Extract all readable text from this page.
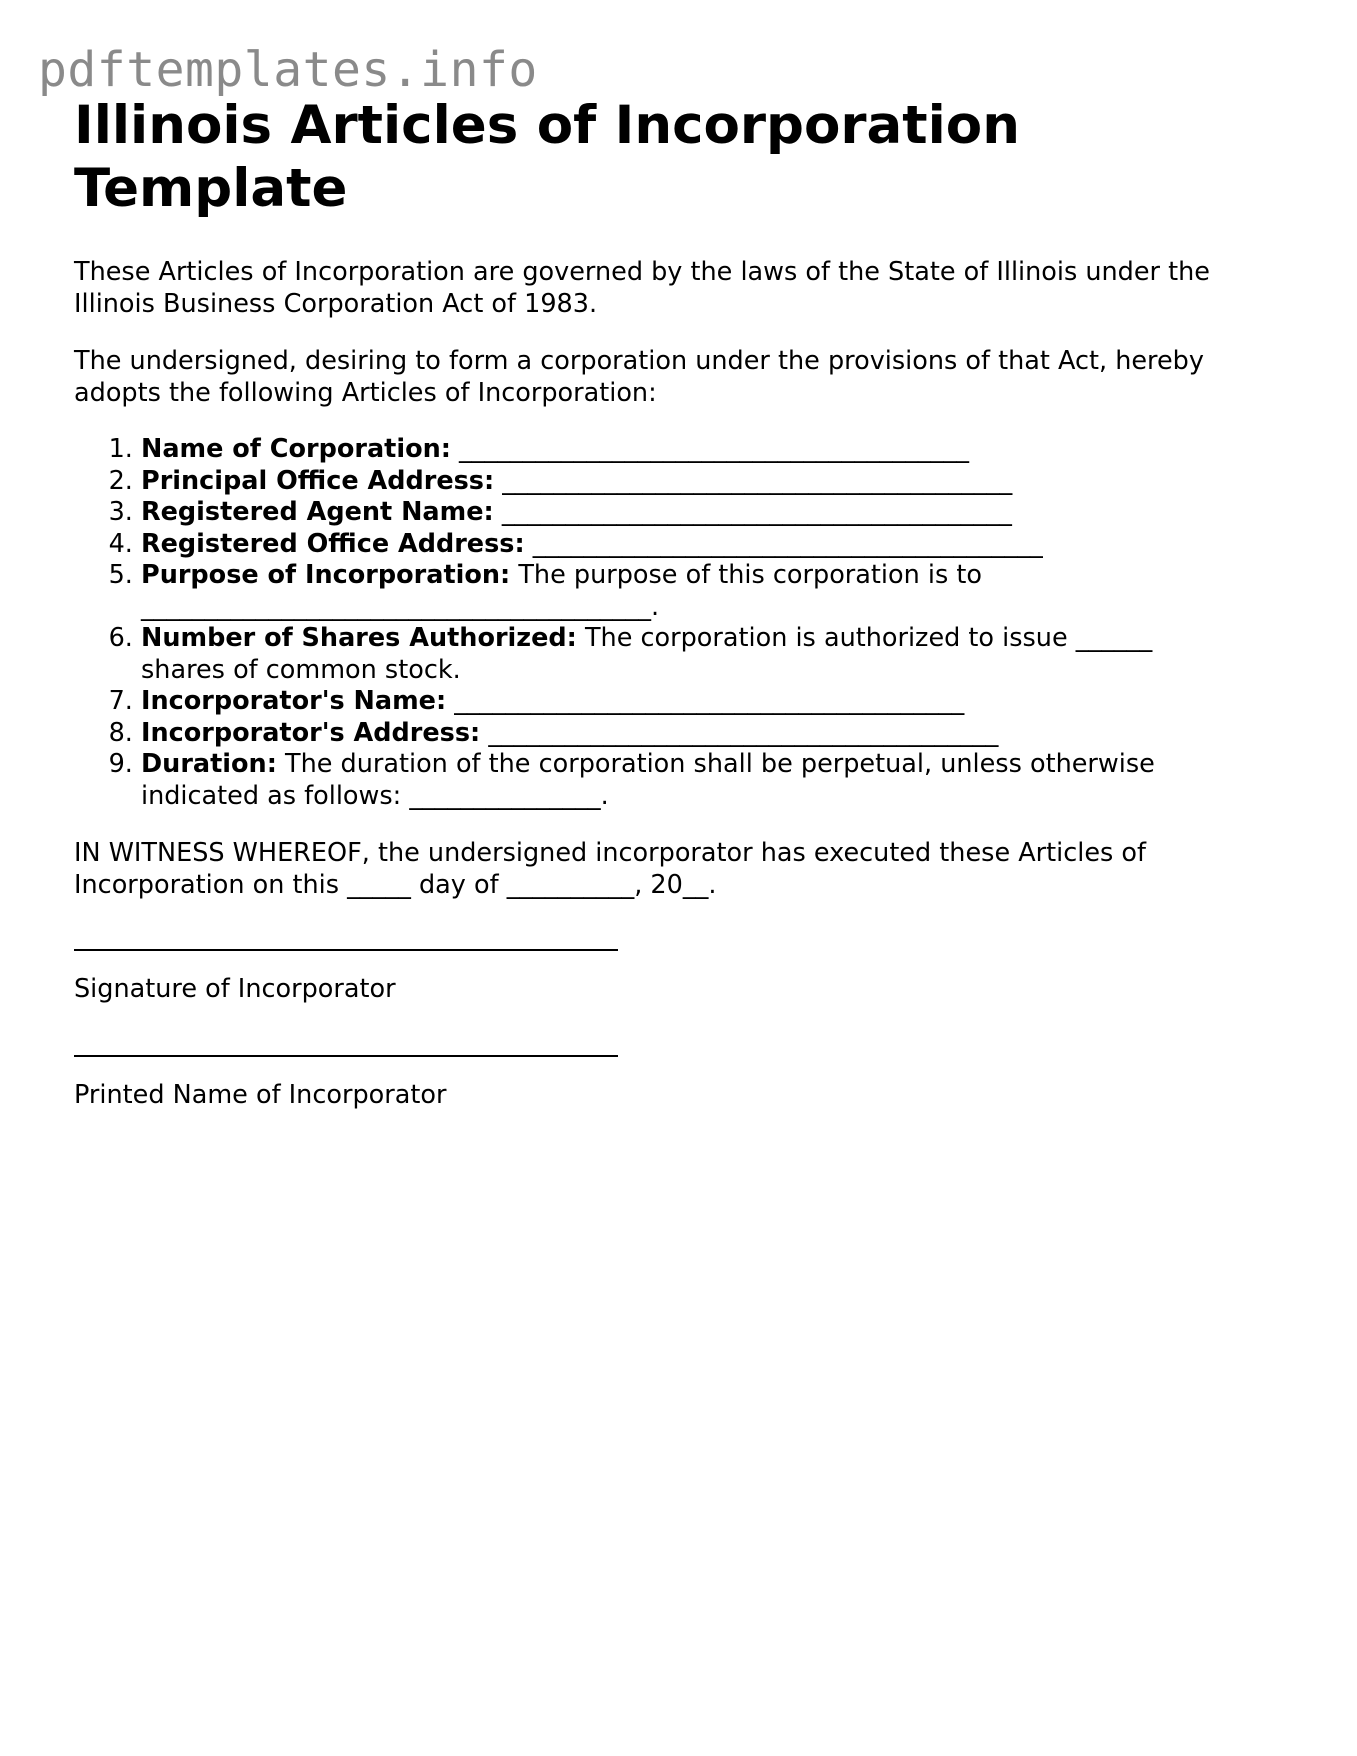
pdftemplates.info
Illinois Articles of Incorporation Template

These Articles of Incorporation are governed by the laws of the State of Illinois under the Illinois Business Corporation Act of 1983.

The undersigned, desiring to form a corporation under the provisions of that Act, hereby adopts the following Articles of Incorporation:

1. Name of Corporation: ________________________________________
2. Principal Office Address: ________________________________________
3. Registered Agent Name: ________________________________________
4. Registered Office Address: ________________________________________
5. Purpose of Incorporation: The purpose of this corporation is to ________________________________________.
6. Number of Shares Authorized: The corporation is authorized to issue ______ shares of common stock.
7. Incorporator's Name: ________________________________________
8. Incorporator's Address: ________________________________________
9. Duration: The duration of the corporation shall be perpetual, unless otherwise indicated as follows: _______________.

IN WITNESS WHEREOF, the undersigned incorporator has executed these Articles of Incorporation on this _____ day of __________, 20__.

Signature of Incorporator
Printed Name of Incorporator
